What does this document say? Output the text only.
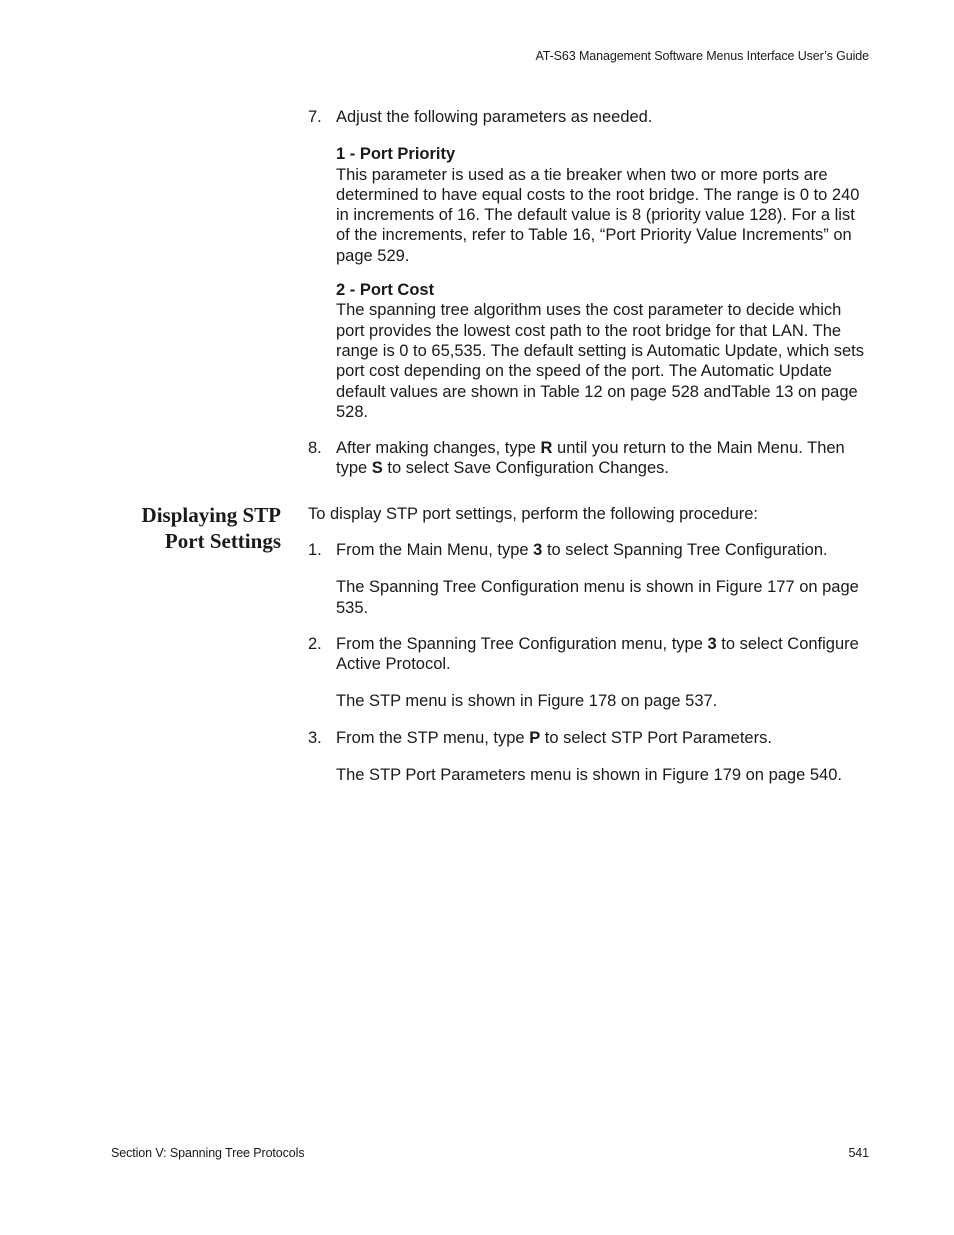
AT-S63 Management Software Menus Interface User’s Guide
Displaying STP
Port Settings
7. Adjust the following parameters as needed.
1 - Port Priority
This parameter is used as a tie breaker when two or more ports are determined to have equal costs to the root bridge. The range is 0 to 240 in increments of 16. The default value is 8 (priority value 128). For a list of the increments, refer to Table 16, “Port Priority Value Increments” on page 529.
2 - Port Cost
The spanning tree algorithm uses the cost parameter to decide which port provides the lowest cost path to the root bridge for that LAN. The range is 0 to 65,535. The default setting is Automatic Update, which sets port cost depending on the speed of the port. The Automatic Update default values are shown in Table 12 on page 528 andTable 13 on page 528.
8. After making changes, type R until you return to the Main Menu. Then type S to select Save Configuration Changes.
To display STP port settings, perform the following procedure:
1. From the Main Menu, type 3 to select Spanning Tree Configuration.
The Spanning Tree Configuration menu is shown in Figure 177 on page 535.
2. From the Spanning Tree Configuration menu, type 3 to select Configure Active Protocol.
The STP menu is shown in Figure 178 on page 537.
3. From the STP menu, type P to select STP Port Parameters.
The STP Port Parameters menu is shown in Figure 179 on page 540.
Section V: Spanning Tree Protocols	541
